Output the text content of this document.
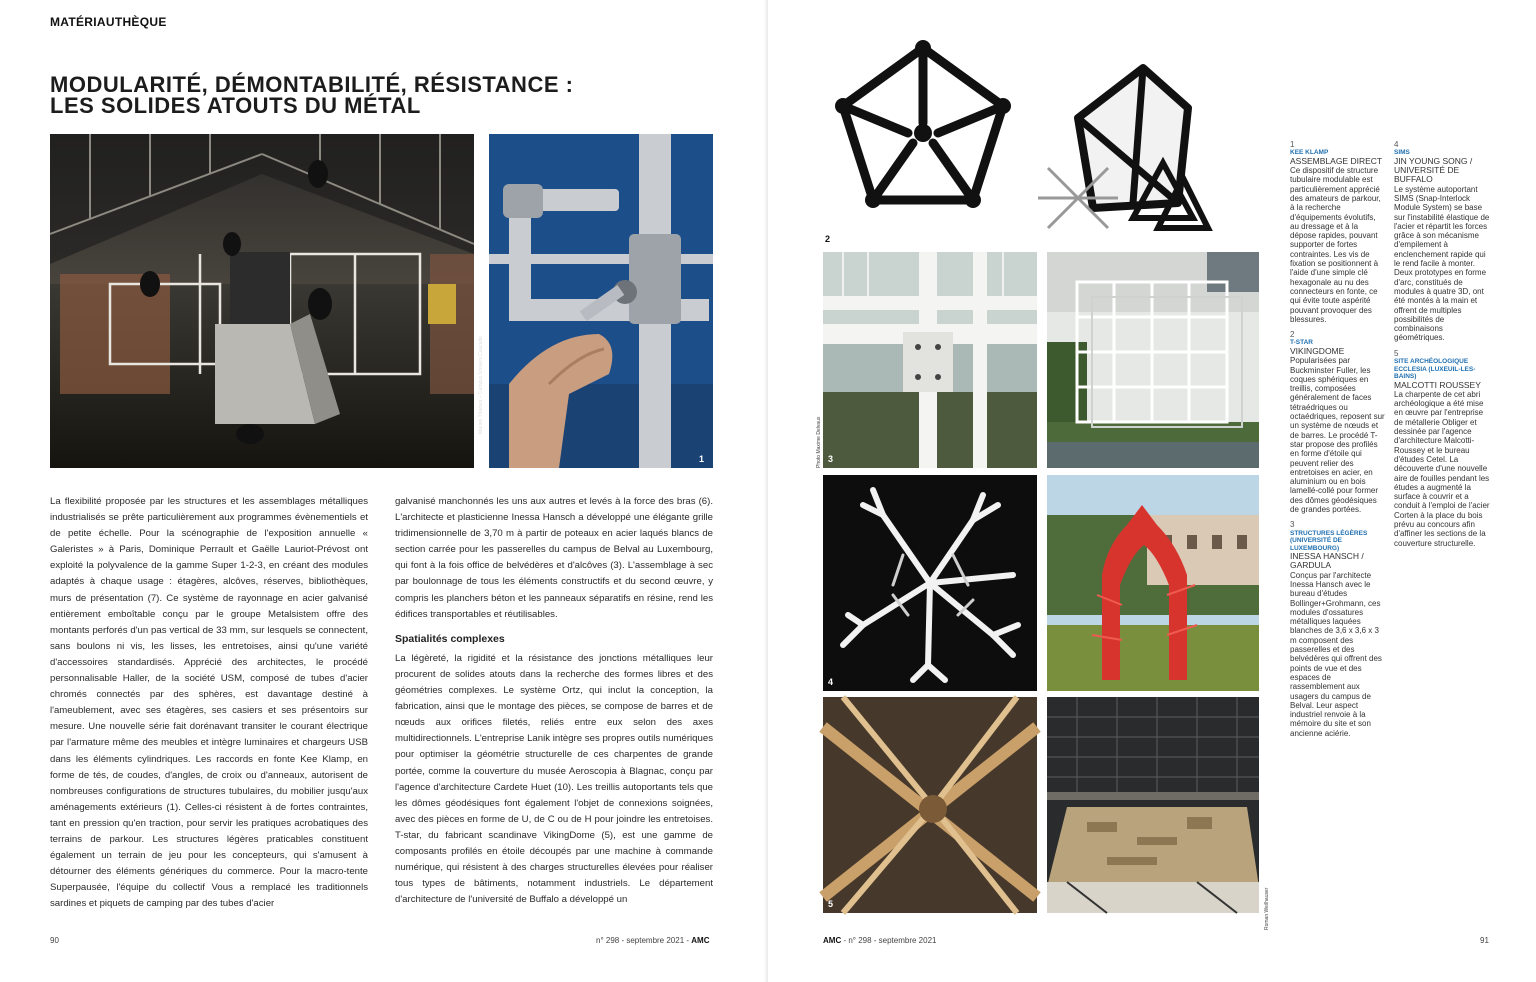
MATÉRIAUTHÈQUE
MODULARITÉ, DÉMONTABILITÉ, RÉSISTANCE :
LES SOLIDES ATOUTS DU MÉTAL
Marion Thiebes – Campus Univers Cascade
1
La flexibilité proposée par les structures et les assemblages métalliques industrialisés se prête particulièrement aux programmes évènementiels et de petite échelle. Pour la scénographie de l'exposition annuelle « Galeristes » à Paris, Dominique Perrault et Gaëlle Lauriot-Prévost ont exploité la polyvalence de la gamme Super 1-2-3, en créant des modules adaptés à chaque usage : étagères, alcôves, réserves, bibliothèques, murs de présentation (7). Ce système de rayonnage en acier galvanisé entièrement emboîtable conçu par le groupe Metalsistem offre des montants perforés d'un pas vertical de 33 mm, sur lesquels se connectent, sans boulons ni vis, les lisses, les entretoises, ainsi qu'une variété d'accessoires standardisés. Apprécié des architectes, le procédé personnalisable Haller, de la société USM, composé de tubes d'acier chromés connectés par des sphères, est davantage destiné à l'ameublement, avec ses étagères, ses casiers et ses présentoirs sur mesure. Une nouvelle série fait dorénavant transiter le courant électrique par l'armature même des meubles et intègre luminaires et chargeurs USB dans les éléments cylindriques. Les raccords en fonte Kee Klamp, en forme de tés, de coudes, d'angles, de croix ou d'anneaux, autorisent de nombreuses configurations de structures tubulaires, du mobilier jusqu'aux aménagements extérieurs (1). Celles-ci résistent à de fortes contraintes, tant en pression qu'en traction, pour servir les pratiques acrobatiques des terrains de parkour. Les structures légères praticables constituent également un terrain de jeu pour les concepteurs, qui s'amusent à détourner des éléments génériques du commerce. Pour la macro-tente Superpausée, l'équipe du collectif Vous a remplacé les traditionnels sardines et piquets de camping par des tubes d'acier
galvanisé manchonnés les uns aux autres et levés à la force des bras (6). L'architecte et plasticienne Inessa Hansch a développé une élégante grille tridimensionnelle de 3,70 m à partir de poteaux en acier laqués blancs de section carrée pour les passerelles du campus de Belval au Luxembourg, qui font à la fois office de belvédères et d'alcôves (3). L'assemblage à sec par boulonnage de tous les éléments constructifs et du second œuvre, y compris les planchers béton et les panneaux séparatifs en résine, rend les édifices transportables et réutilisables.
Spatialités complexes
La légèreté, la rigidité et la résistance des jonctions métalliques leur procurent de solides atouts dans la recherche des formes libres et des géométries complexes. Le système Ortz, qui inclut la conception, la fabrication, ainsi que le montage des pièces, se compose de barres et de nœuds aux orifices filetés, reliés entre eux selon des axes multidirectionnels. L'entreprise Lanik intègre ses propres outils numériques pour optimiser la géométrie structurelle de ces charpentes de grande portée, comme la couverture du musée Aeroscopia à Blagnac, conçu par l'agence d'architecture Cardete Huet (10). Les treillis autoportants tels que les dômes géodésiques font également l'objet de connexions soignées, avec des pièces en forme de U, de C ou de H pour joindre les entretoises. T-star, du fabricant scandinave VikingDome (5), est une gamme de composants profilés en étoile découpés par une machine à commande numérique, qui résistent à des charges structurelles élevées pour réaliser tous types de bâtiments, notamment industriels. Le département d'architecture de l'université de Buffalo a développé un
90	n° 298 - septembre 2021 - AMC
2
3
Photo Maxime Delvaux
4
5	Roman Weilhauser
1
KEE KLAMP
ASSEMBLAGE DIRECT
Ce dispositif de structure tubulaire modulable est particulièrement apprécié des amateurs de parkour, à la recherche d'équipements évolutifs, au dressage et à la dépose rapides, pouvant supporter de fortes contraintes. Les vis de fixation se positionnent à l'aide d'une simple clé hexagonale au nu des connecteurs en fonte, ce qui évite toute aspérité pouvant provoquer des blessures.
2
T-STAR
VIKINGDOME
Popularisées par Buckminster Fuller, les coques sphériques en treillis, composées généralement de faces tétraédriques ou octaédriques, reposent sur un système de nœuds et de barres. Le procédé T-star propose des profilés en forme d'étoile qui peuvent relier des entretoises en acier, en aluminium ou en bois lamellé-collé pour former des dômes géodésiques de grandes portées.
3
STRUCTURES LÉGÈRES (UNIVERSITÉ DE LUXEMBOURG)
INESSA HANSCH / GARDULA
Conçus par l'architecte Inessa Hansch avec le bureau d'études Bollinger+Grohmann, ces modules d'ossatures métalliques laquées blanches de 3,6 x 3,6 x 3 m composent des passerelles et des belvédères qui offrent des points de vue et des espaces de rassemblement aux usagers du campus de Belval. Leur aspect industriel renvoie à la mémoire du site et son ancienne aciérie.
4
SIMS
JIN YOUNG SONG / UNIVERSITÉ DE BUFFALO
Le système autoportant SIMS (Snap-Interlock Module System) se base sur l'instabilité élastique de l'acier et répartit les forces grâce à son mécanisme d'empilement à enclenchement rapide qui le rend facile à monter. Deux prototypes en forme d'arc, constitués de modules à quatre 3D, ont été montés à la main et offrent de multiples possibilités de combinaisons géométriques.
5
SITE ARCHÉOLOGIQUE ECCLESIA (LUXEUIL-LES-BAINS)
MALCOTTI ROUSSEY
La charpente de cet abri archéologique a été mise en œuvre par l'entreprise de métallerie Obliger et dessinée par l'agence d'architecture Malcotti-Roussey et le bureau d'études Cetel. La découverte d'une nouvelle aire de fouilles pendant les études a augmenté la surface à couvrir et a conduit à l'emploi de l'acier Corten à la place du bois prévu au concours afin d'affiner les sections de la couverture structurelle.
AMC - n° 298 - septembre 2021	91
